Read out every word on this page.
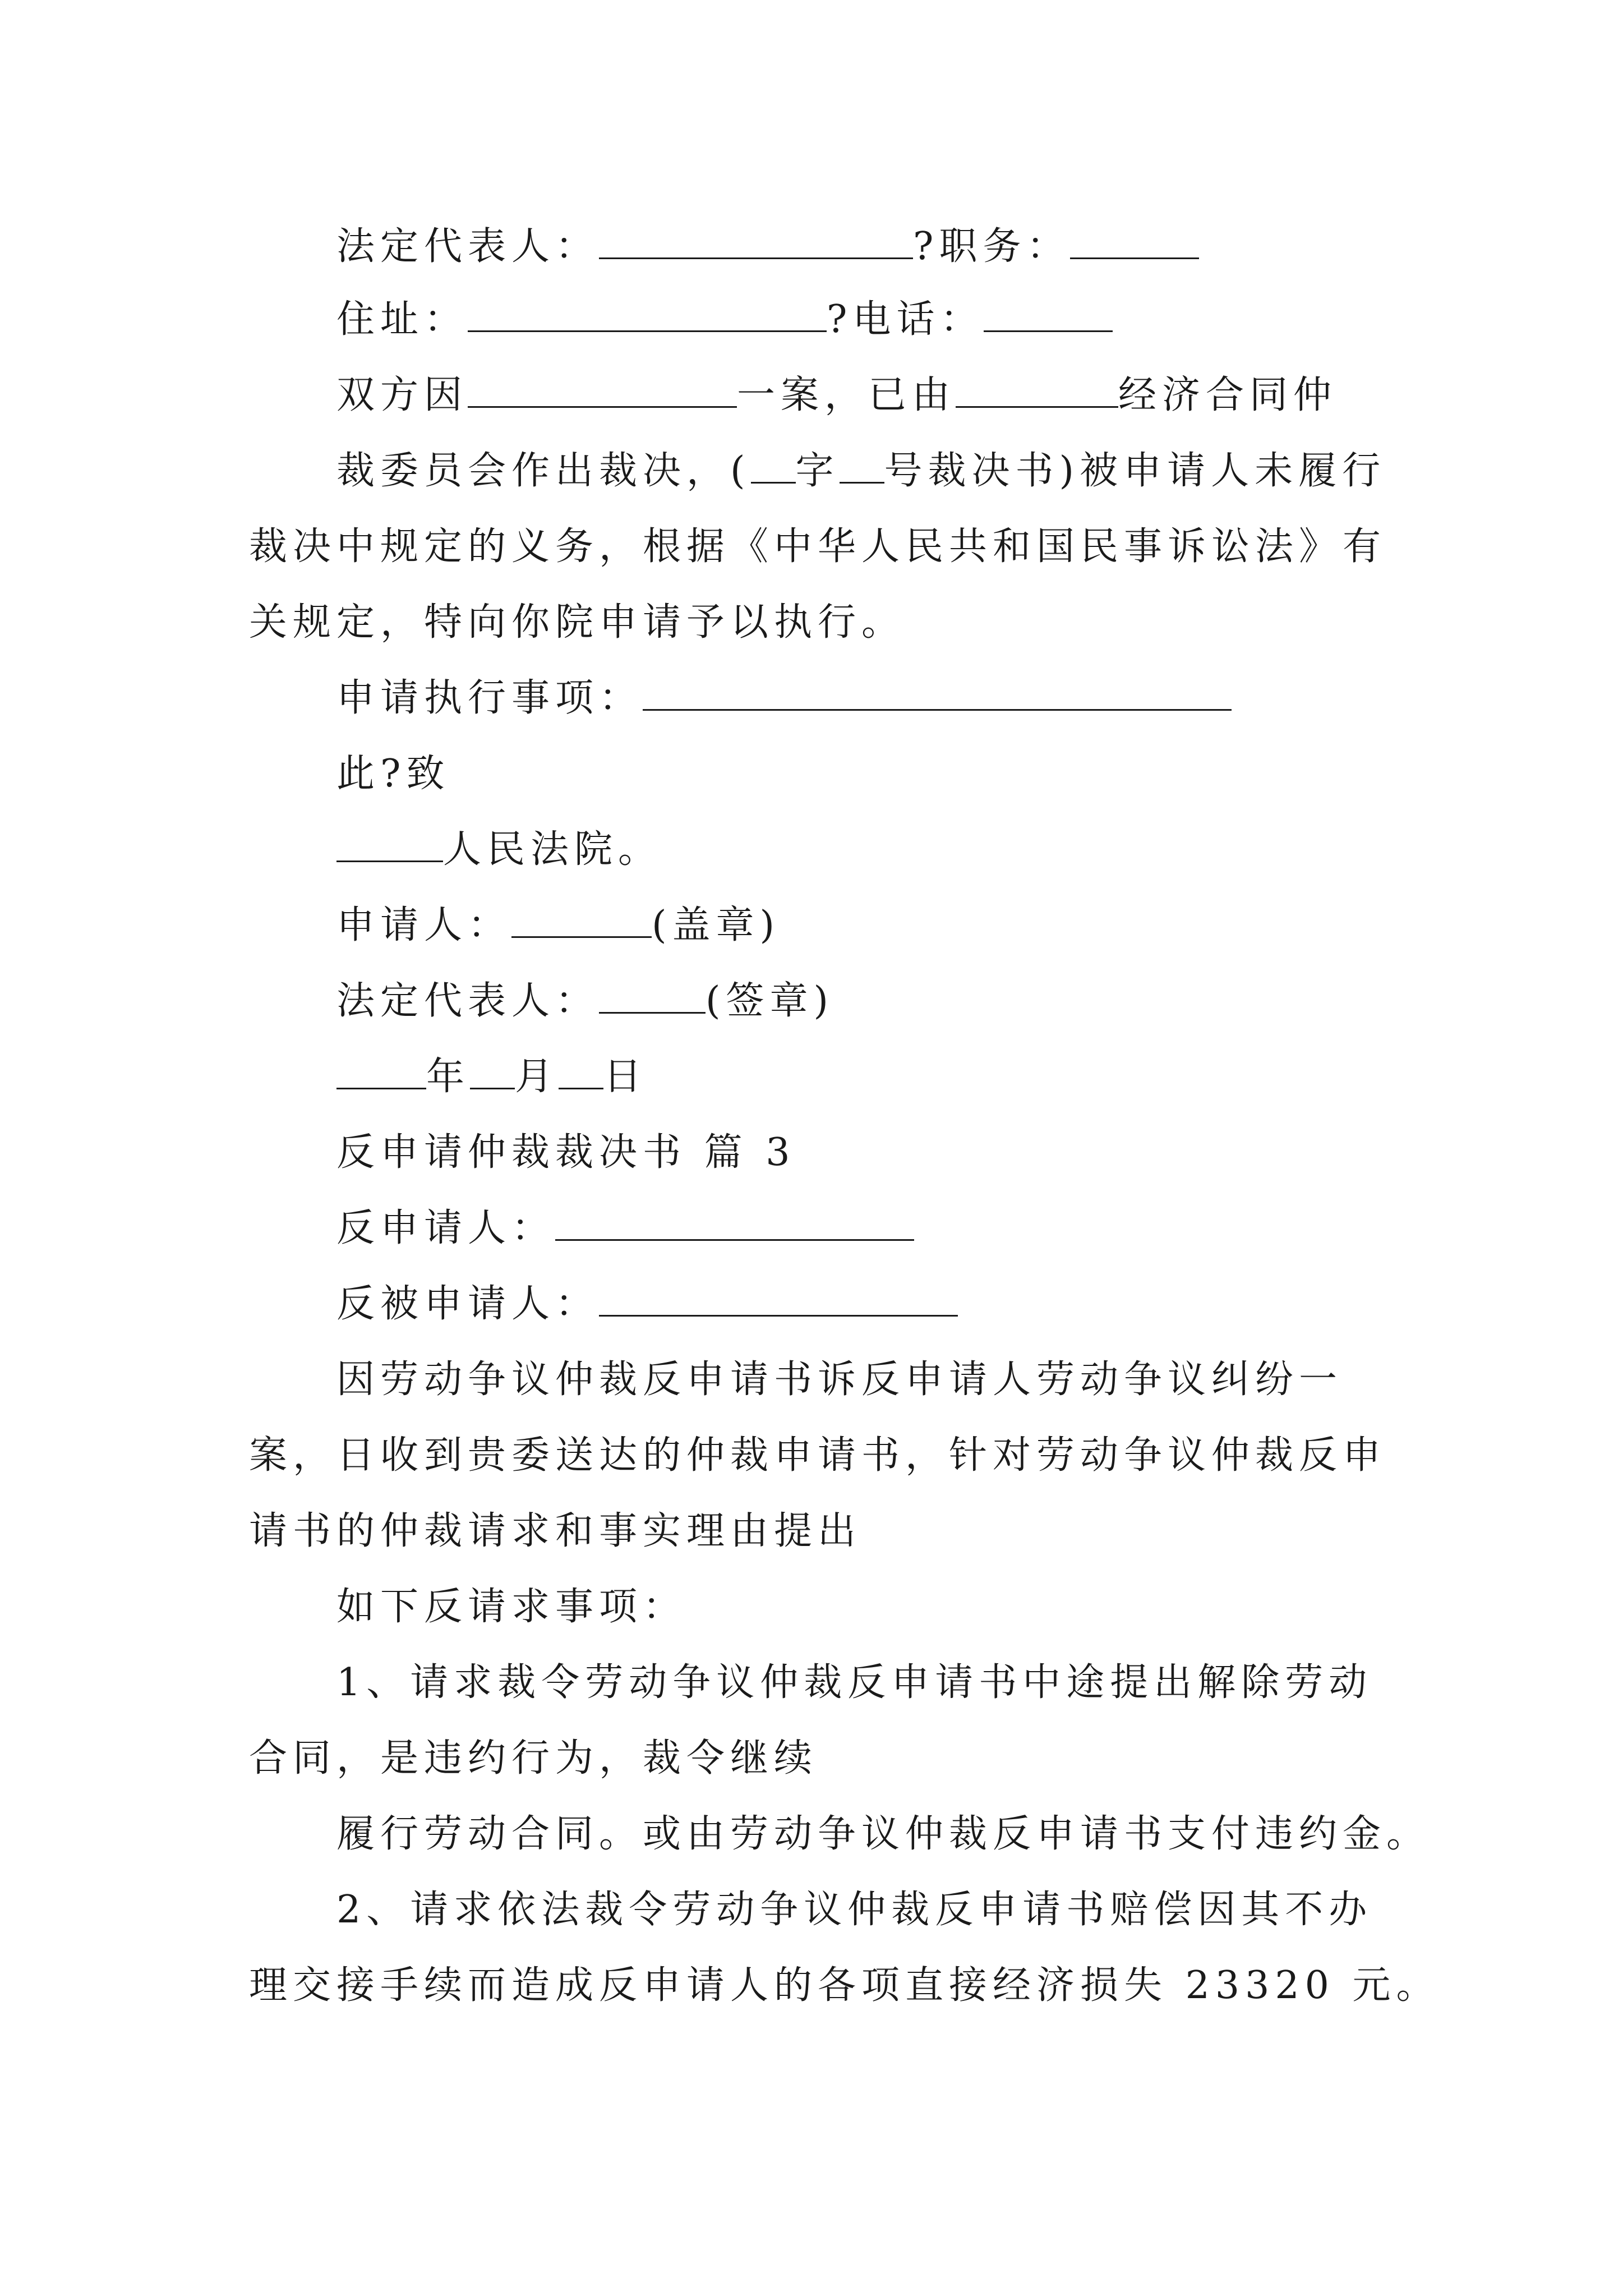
法定代表人：	?职务：
住址：	?电话：
双方因	一案，已由	经济合同仲
裁委员会作出裁决，( 字 号裁决书)被申请人未履行
裁决中规定的义务，根据《中华人民共和国民事诉讼法》有
关规定，特向你院申请予以执行。
申请执行事项：
此?致
人民法院。
申请人：	(盖章)
法定代表人：	(签章)
年 月 日
反申请仲裁裁决书 篇 3
反申请人：
反被申请人：
因劳动争议仲裁反申请书诉反申请人劳动争议纠纷一
案，日收到贵委送达的仲裁申请书，针对劳动争议仲裁反申
请书的仲裁请求和事实理由提出
如下反请求事项：
1、请求裁令劳动争议仲裁反申请书中途提出解除劳动
合同，是违约行为，裁令继续
履行劳动合同。或由劳动争议仲裁反申请书支付违约金。
2、请求依法裁令劳动争议仲裁反申请书赔偿因其不办
理交接手续而造成反申请人的各项直接经济损失 23320 元。
